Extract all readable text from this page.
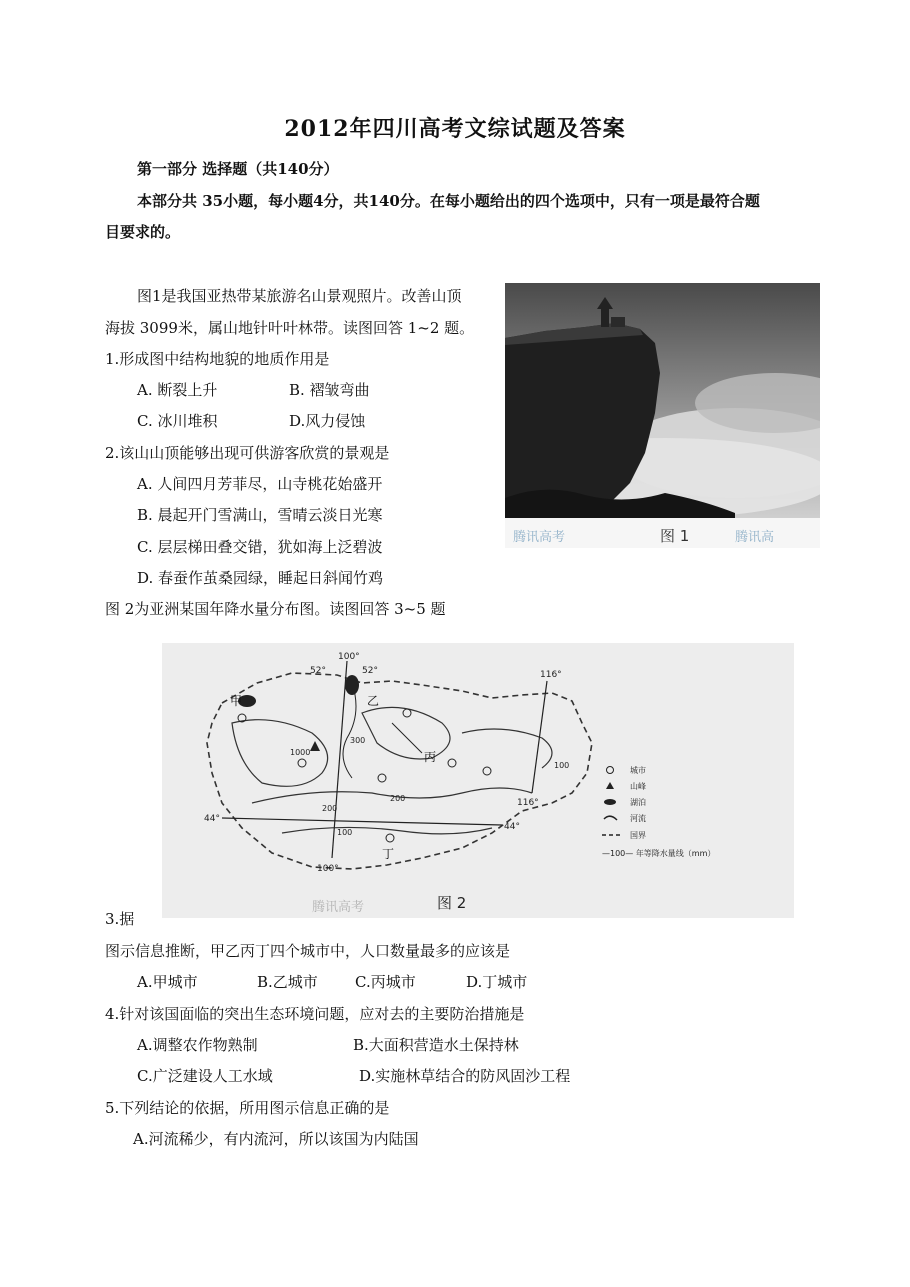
2012年四川高考文综试题及答案
第一部分 选择题（共140分）
本部分共 35小题，每小题4分，共140分。在每小题给出的四个选项中，只有一项是最符合题
目要求的。
图1是我国亚热带某旅游名山景观照片。改善山顶
海拔 3099米，属山地针叶叶林带。读图回答 1~2 题。
1.形成图中结构地貌的地质作用是
A. 断裂上升	B. 褶皱弯曲
C. 冰川堆积	D.风力侵蚀
2.该山山顶能够出现可供游客欣赏的景观是
A. 人间四月芳菲尽，山寺桃花始盛开
B. 晨起开门雪满山，雪晴云淡日光寒
C. 层层梯田叠交错，犹如海上泛碧波
D. 春蚕作茧桑园绿，睡起日斜闻竹鸡
图 2为亚洲某国年降水量分布图。读图回答 3~5 题
腾讯高考	图 1	腾讯高
100°
52°	52°
100°
116°
116°
44°
44°
甲	乙
丙
丁
1000
100
200
300
200
100
城市
山峰
湖泊
河流
国界
—100— 年等降水量线（mm）
腾讯高考	图 2
3.据
图示信息推断，甲乙丙丁四个城市中，人口数量最多的应该是
A.甲城市	B.乙城市 C.丙城市	D.丁城市
4.针对该国面临的突出生态环境问题，应对去的主要防治措施是
A.调整农作物熟制	B.大面积营造水土保持林
C.广泛建设人工水域	D.实施林草结合的防风固沙工程
5.下列结论的依据，所用图示信息正确的是
A.河流稀少，有内流河，所以该国为内陆国
